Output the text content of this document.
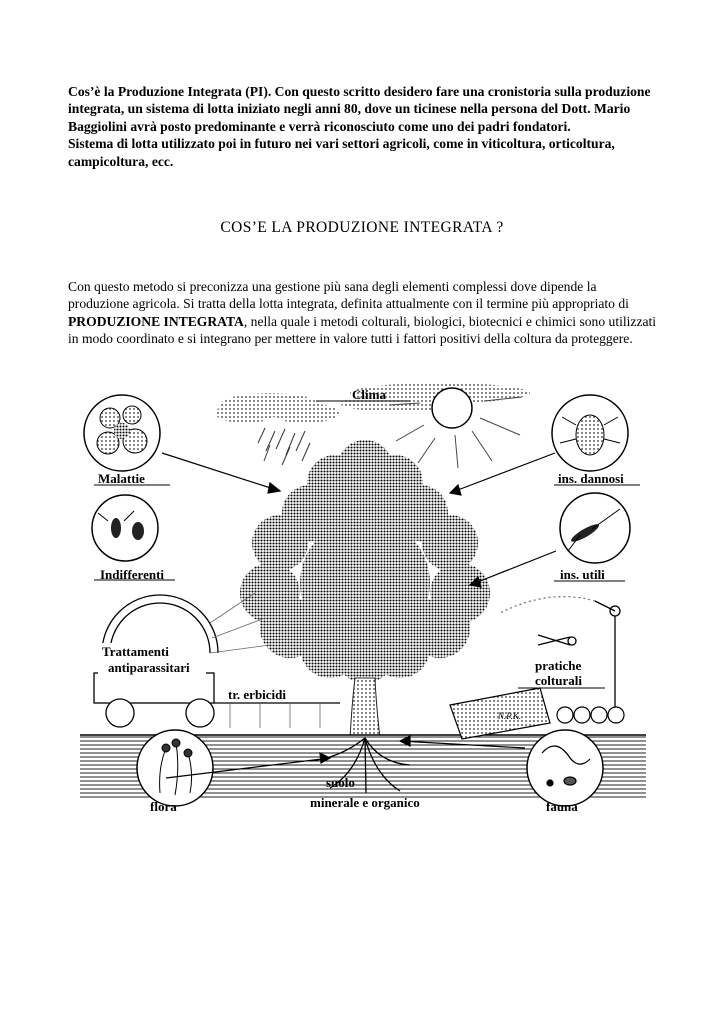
Cos’è la Produzione Integrata (PI). Con questo scritto desidero fare una cronistoria sulla produzione integrata, un sistema di lotta iniziato negli anni 80, dove un ticinese nella persona del Dott. Mario Baggiolini avrà posto predominante e verrà riconosciuto come uno dei padri fondatori.

Sistema di lotta utilizzato poi in futuro nei vari settori agricoli, come in viticoltura, orticoltura, campicoltura, ecc.

COS’E LA PRODUZIONE INTEGRATA ?

Con questo metodo si preconizza una gestione più sana degli elementi complessi dove dipende la produzione agricola. Si tratta della lotta integrata, definita attualmente con il termine più appropriato di PRODUZIONE INTEGRATA, nella quale i metodi colturali, biologici, biotecnici e chimici sono utilizzati in modo coordinato e si integrano per mettere in valore tutti i fattori positivi della coltura da proteggere.

Clima
Malattie
Indifferenti
Trattamenti
antiparassitari
tr. erbicidi
ins. dannosi
ins. utili
pratiche
colturali
N.P.K.
flora
suolo
minerale e organico	fauna
